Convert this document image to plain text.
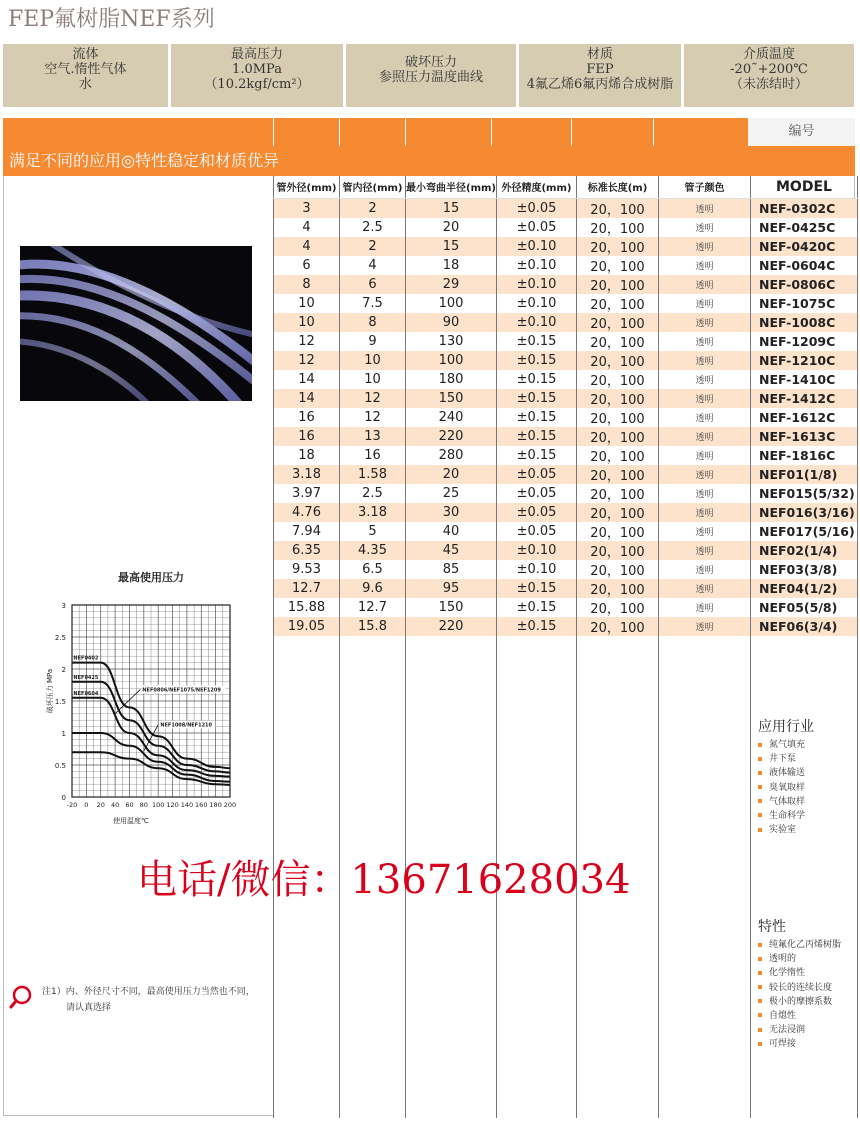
FEP氟树脂NEF系列
流体
空气.惰性气体
水
最高压力
1.0MPa
（10.2kgf/cm²）
破坏压力
参照压力温度曲线
材质
FEP
4氟乙烯6氟丙烯合成树脂
介质温度
-20˜+200℃
（未冻结时）
编号
满足不同的应用◎特性稳定和材质优异
管外径(mm)	管内径(mm)	最小弯曲半径(mm)	外径精度(mm)	标准长度(m)	管子颜色	MODEL
3	2	15	±0.05	20，100	透明	NEF-0302C
4	2.5	20	±0.05	20，100	透明	NEF-0425C
4	2	15	±0.10	20，100	透明	NEF-0420C
6	4	18	±0.10	20，100	透明	NEF-0604C
8	6	29	±0.10	20，100	透明	NEF-0806C
10	7.5	100	±0.10	20，100	透明	NEF-1075C
10	8	90	±0.10	20，100	透明	NEF-1008C
12	9	130	±0.15	20，100	透明	NEF-1209C
12	10	100	±0.15	20，100	透明	NEF-1210C
14	10	180	±0.15	20，100	透明	NEF-1410C
14	12	150	±0.15	20，100	透明	NEF-1412C
16	12	240	±0.15	20，100	透明	NEF-1612C
16	13	220	±0.15	20，100	透明	NEF-1613C
18	16	280	±0.15	20，100	透明	NEF-1816C
3.18	1.58	20	±0.05	20，100	透明	NEF01(1/8)
3.97	2.5	25	±0.05	20，100	透明	NEF015(5/32)
4.76	3.18	30	±0.05	20，100	透明	NEF016(3/16)
7.94	5	40	±0.05	20，100	透明	NEF017(5/16)
6.35	4.35	45	±0.10	20，100	透明	NEF02(1/4)
9.53	6.5	85	±0.10	20，100	透明	NEF03(3/8)
12.7	9.6	95	±0.15	20，100	透明	NEF04(1/2)
15.88	12.7	150	±0.15	20，100	透明	NEF05(5/8)
19.05	15.8	220	±0.15	20，100	透明	NEF06(3/4)

最高使用压力
0
0.5
1
1.5
2
2.5
3
-20 0 20 40 60 80 100 120 140 160 180 200
使用温度℃
破坏压力 MPa
NEF0402
NEF0425
NEF0604
NEF0806/NEF1075/NEF1209
NEF1008/NEF1210	应用行业
氮气填充
井下泵
液体输送
臭氧取样
气体取样
生命科学
实验室
特性
纯氟化乙丙烯树脂
透明的
化学惰性
较长的连续长度
极小的摩擦系数
自熄性
无法浸润
可焊接
电话/微信：13671628034
注1）内、外径尺寸不同，最高使用压力当然也不同，
请认真选择
